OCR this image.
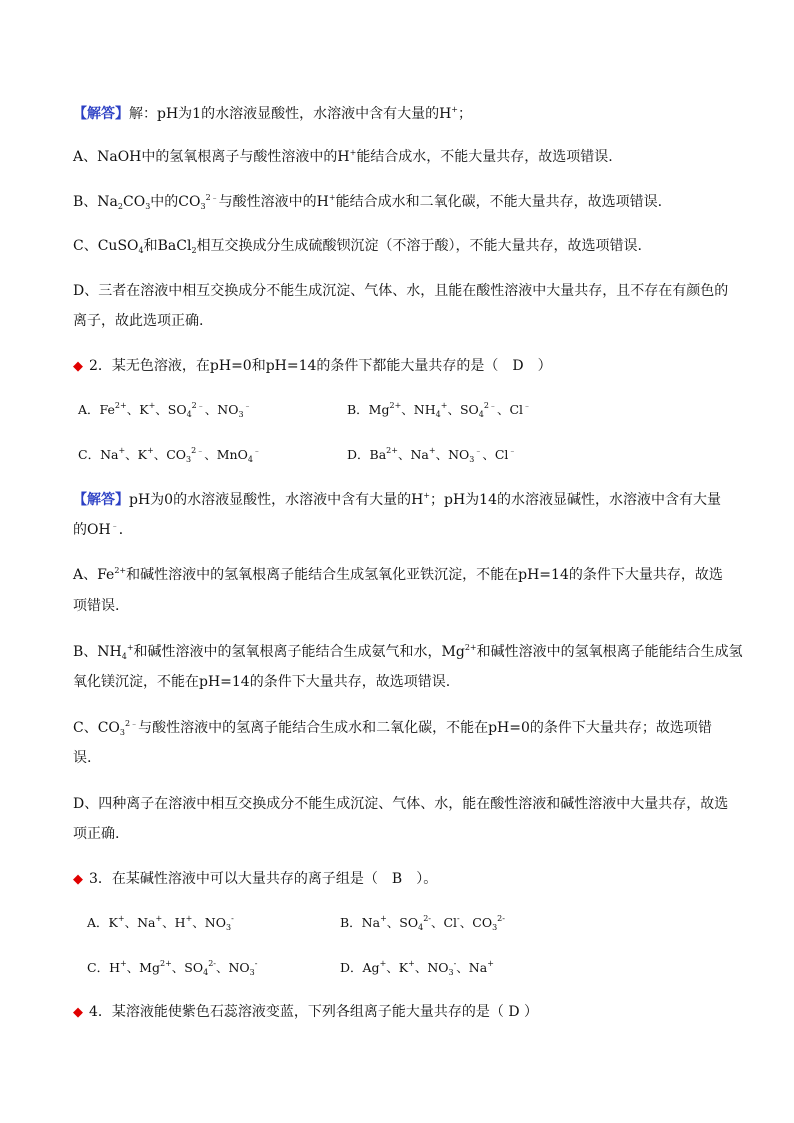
【解答】解：pH为1的水溶液显酸性，水溶液中含有大量的H+；
A、NaOH中的氢氧根离子与酸性溶液中的H+能结合成水，不能大量共存，故选项错误.
B、$Na_2CO_3$中的$CO_3^{2﹣}$与酸性溶液中的H+能结合成水和二氧化碳，不能大量共存，故选项错误.
C、CuSO$_4$和BaCl$_2$相互交换成分生成硫酸钡沉淀（不溶于酸），不能大量共存，故选项错误.
D、三者在溶液中相互交换成分不能生成沉淀、气体、水，且能在酸性溶液中大量共存，且不存在有颜色的
离子，故此选项正确.
◆ 2．某无色溶液，在pH=0和pH=14的条件下都能大量共存的是（　D　）
A．$Fe^{2+}$、K+、$SO_4^{2﹣}$、$NO_3^﹣$	B．$Mg^{2+}$、$NH_4^+$、$SO_4^{2﹣}$、Cl﹣
C．Na+、K+、$CO_3^{2﹣}$、MnO$_4$﹣	D．$Ba^{2+}$、Na+、$NO_3^﹣$、Cl﹣
【解答】pH为0的水溶液显酸性，水溶液中含有大量的H+；pH为14的水溶液显碱性，水溶液中含有大量
的OH﹣．
A、$Fe^{2+}$和碱性溶液中的氢氧根离子能结合生成氢氧化亚铁沉淀，不能在pH=14的条件下大量共存，故选
项错误.
B、$NH_4^+$和碱性溶液中的氢氧根离子能结合生成氨气和水，$Mg^{2+}$和碱性溶液中的氢氧根离子能能结合生成氢
氧化镁沉淀，不能在pH=14的条件下大量共存，故选项错误.
C、$CO_3^{2﹣}$与酸性溶液中的氢离子能结合生成水和二氧化碳，不能在pH=0的条件下大量共存；故选项错
误.
D、四种离子在溶液中相互交换成分不能生成沉淀、气体、水，能在酸性溶液和碱性溶液中大量共存，故选
项正确.
◆ 3．在某碱性溶液中可以大量共存的离子组是（　B　）。
A．K+、Na+、H+、$NO_3^-$	B．Na+、$SO_4^{2-}$、Cl-、$CO_3^{2-}$
C．H+、$Mg^{2+}$、$SO_4^{2-}$、$NO_3^-$	D．Ag+、K+、$NO_3^-$、Na+
◆ 4．某溶液能使紫色石蕊溶液变蓝，下列各组离子能大量共存的是（ D ）
